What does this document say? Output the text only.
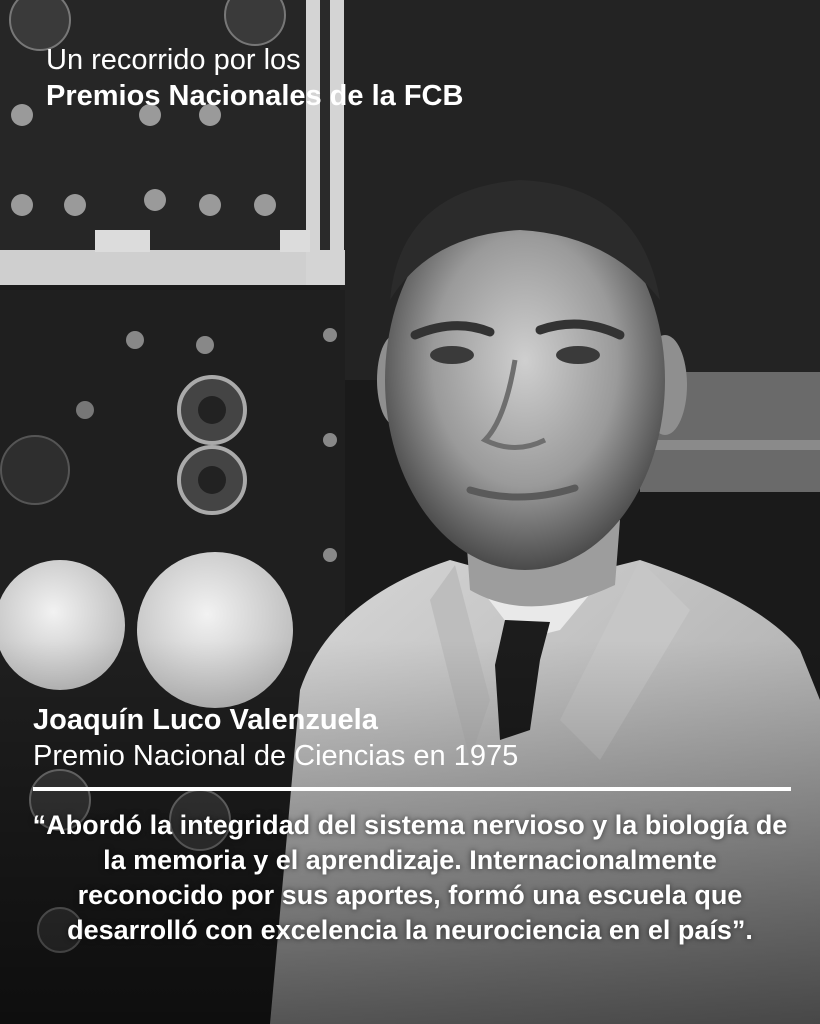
Un recorrido por los
Premios Nacionales de la FCB
Joaquín Luco Valenzuela
Premio Nacional de Ciencias en 1975
“Abordó la integridad del sistema nervioso y la biología de la memoria y el aprendizaje. Internacionalmente reconocido por sus aportes, formó una escuela que desarrolló con excelencia la neurociencia en el país”.
